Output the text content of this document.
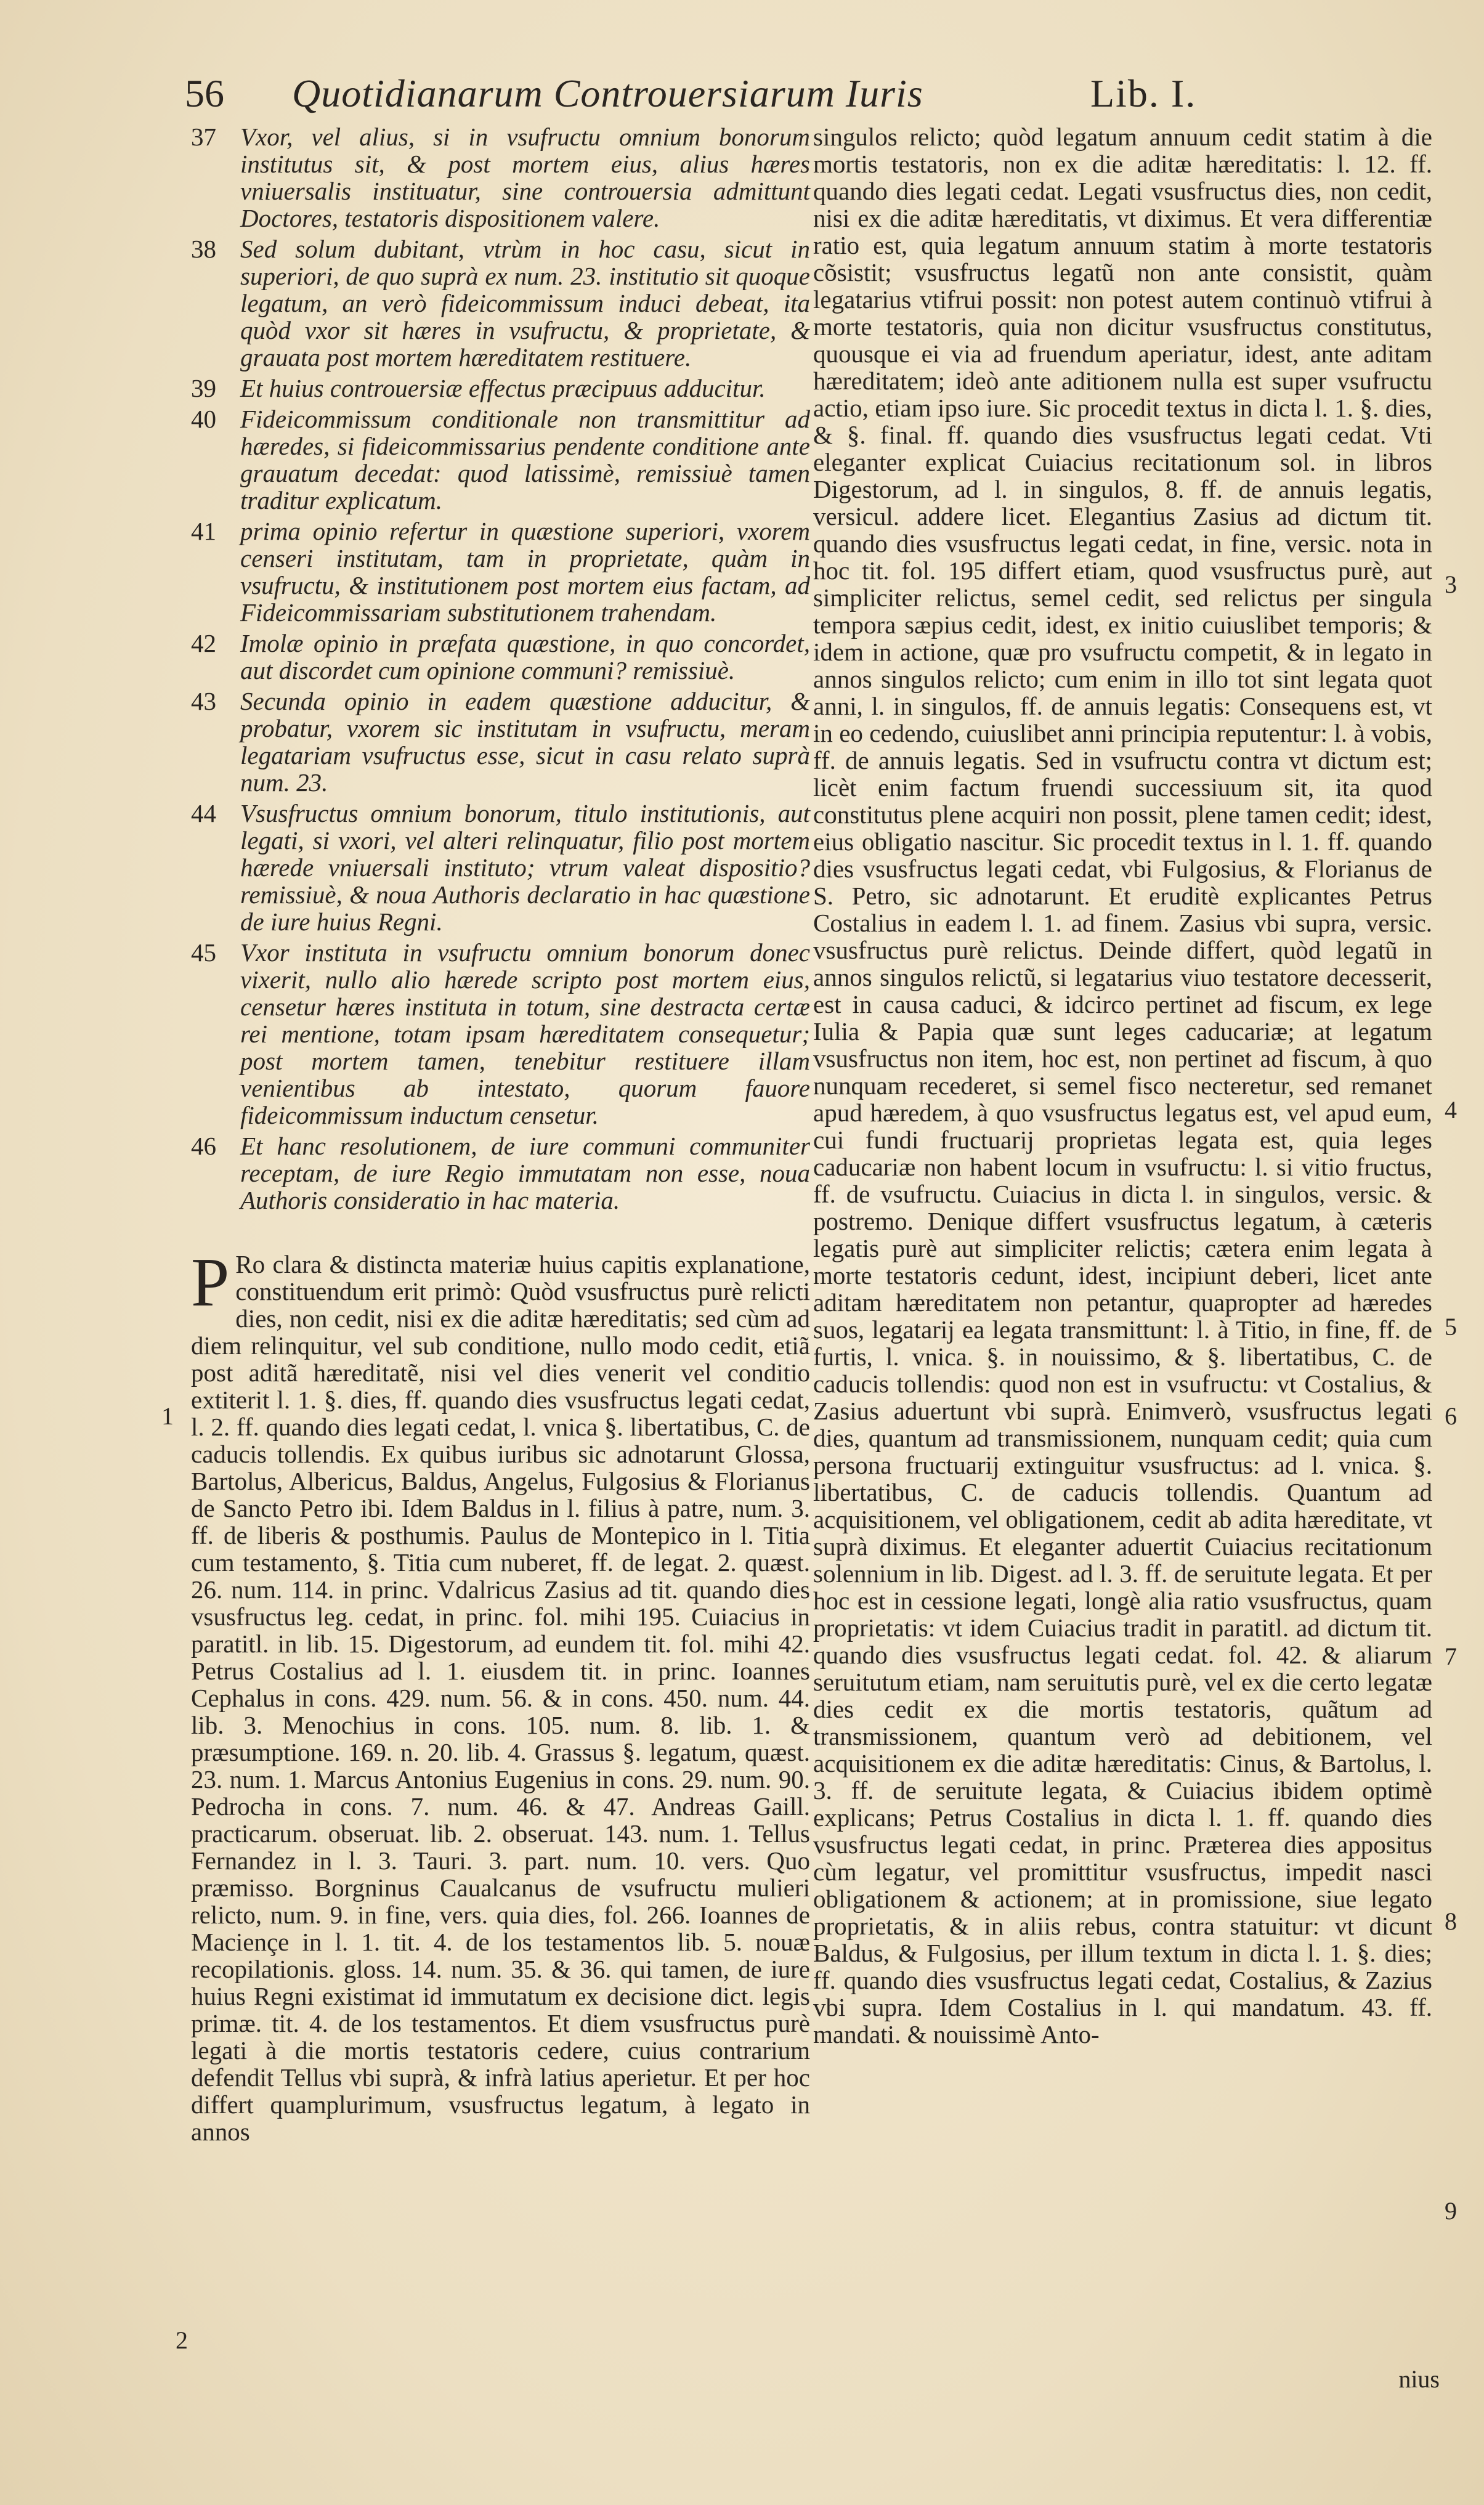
56 Quotidianarum Controuersiarum Iuris	Lib. I.
37 Vxor, vel alius, si in vsufructu omnium bonorum institutus sit, & post mortem eius, alius hæres vniuersalis instituatur, sine controuersia admittunt Doctores, testatoris dispositionem valere.
38 Sed solum dubitant, vtrùm in hoc casu, sicut in superiori, de quo suprà ex num. 23. institutio sit quoque legatum, an verò fideicommissum induci debeat, ita quòd vxor sit hæres in vsufructu, & proprietate, & grauata post mortem hæreditatem restituere.
39 Et huius controuersiæ effectus præcipuus adducitur.
40 Fideicommissum conditionale non transmittitur ad hæredes, si fideicommissarius pendente conditione ante grauatum decedat: quod latissimè, remissiuè tamen traditur explicatum.
41 prima opinio refertur in quæstione superiori, vxorem censeri institutam, tam in proprietate, quàm in vsufructu, & institutionem post mortem eius factam, ad Fideicommissariam substitutionem trahendam.
42 Imolæ opinio in præfata quæstione, in quo concordet, aut discordet cum opinione communi? remissiuè.
43 Secunda opinio in eadem quæstione adducitur, & probatur, vxorem sic institutam in vsufructu, meram legatariam vsufructus esse, sicut in casu relato suprà num. 23.
44 Vsusfructus omnium bonorum, titulo institutionis, aut legati, si vxori, vel alteri relinquatur, filio post mortem hærede vniuersali instituto; vtrum valeat dispositio? remissiuè, & noua Authoris declaratio in hac quæstione de iure huius Regni.
45 Vxor instituta in vsufructu omnium bonorum donec vixerit, nullo alio hærede scripto post mortem eius, censetur hæres instituta in totum, sine destracta certæ rei mentione, totam ipsam hæreditatem consequetur; post mortem tamen, tenebitur restituere illam venientibus ab intestato, quorum fauore fideicommissum inductum censetur.
46 Et hanc resolutionem, de iure communi communiter receptam, de iure Regio immutatam non esse, noua Authoris consideratio in hac materia.
P Ro clara & distincta materiæ huius capitis explanatione, constituendum erit primò: Quòd vsusfructus purè relicti dies, non cedit, nisi ex die aditæ hæreditatis; sed cùm ad diem relinquitur, vel sub conditione, nullo modo cedit, etiã post aditã hæreditatẽ, nisi vel dies venerit vel conditio extiterit l. 1. §. dies, ff. quando dies vsusfructus legati cedat, l. 2. ff. quando dies legati cedat, l. vnica §. libertatibus, C. de caducis tollendis. Ex quibus iuribus sic adnotarunt Glossa, Bartolus, Albericus, Baldus, Angelus, Fulgosius & Florianus de Sancto Petro ibi. Idem Baldus in l. filius à patre, num. 3. ff. de liberis & posthumis. Paulus de Montepico in l. Titia cum testamento, §. Titia cum nuberet, ff. de legat. 2. quæst. 26. num. 114. in princ. Vdalricus Zasius ad tit. quando dies vsusfructus leg. cedat, in princ. fol. mihi 195. Cuiacius in paratitl. in lib. 15. Digestorum, ad eundem tit. fol. mihi 42. Petrus Costalius ad l. 1. eiusdem tit. in princ. Ioannes Cephalus in cons. 429. num. 56. & in cons. 450. num. 44. lib. 3. Menochius in cons. 105. num. 8. lib. 1. & præsumptione. 169. n. 20. lib. 4. Grassus §. legatum, quæst. 23. num. 1. Marcus Antonius Eugenius in cons. 29. num. 90. Pedrocha in cons. 7. num. 46. & 47. Andreas Gaill. practicarum. obseruat. lib. 2. obseruat. 143. num. 1. Tellus Fernandez in l. 3. Tauri. 3. part. num. 10. vers. Quo præmisso. Borgninus Caualcanus de vsufructu mulieri relicto, num. 9. in fine, vers. quia dies, fol. 266. Ioannes de Maciençe in l. 1. tit. 4. de los testamentos lib. 5. nouæ recopilationis. gloss. 14. num. 35. & 36. qui tamen, de iure huius Regni existimat id immutatum ex decisione dict. legis primæ. tit. 4. de los testamentos. Et diem vsusfructus purè legati à die mortis testatoris cedere, cuius contrarium defendit Tellus vbi suprà, & infrà latius aperietur. Et per hoc differt quamplurimum, vsusfructus legatum, à legato in annos

singulos relicto; quòd legatum annuum cedit statim à die mortis testatoris, non ex die aditæ hæreditatis: l. 12. ff. quando dies legati cedat. Legati vsusfructus dies, non cedit, nisi ex die aditæ hæreditatis, vt diximus. Et vera differentiæ ratio est, quia legatum annuum statim à morte testatoris cõsistit; vsusfructus legatũ non ante consistit, quàm legatarius vtifrui possit: non potest autem continuò vtifrui à morte testatoris, quia non dicitur vsusfructus constitutus, quousque ei via ad fruendum aperiatur, idest, ante aditam hæreditatem; ideò ante aditionem nulla est super vsufructu actio, etiam ipso iure. Sic procedit textus in dicta l. 1. §. dies, & §. final. ff. quando dies vsusfructus legati cedat. Vti eleganter explicat Cuiacius recitationum sol. in libros Digestorum, ad l. in singulos, 8. ff. de annuis legatis, versicul. addere licet. Elegantius Zasius ad dictum tit. quando dies vsusfructus legati cedat, in fine, versic. nota in hoc tit. fol. 195 differt etiam, quod vsusfructus purè, aut simpliciter relictus, semel cedit, sed relictus per singula tempora sæpius cedit, idest, ex initio cuiuslibet temporis; & idem in actione, quæ pro vsufructu competit, & in legato in annos singulos relicto; cum enim in illo tot sint legata quot anni, l. in singulos, ff. de annuis legatis: Consequens est, vt in eo cedendo, cuiuslibet anni principia reputentur: l. à vobis, ff. de annuis legatis. Sed in vsufructu contra vt dictum est; licèt enim factum fruendi successiuum sit, ita quod constitutus plene acquiri non possit, plene tamen cedit; idest, eius obligatio nascitur. Sic procedit textus in l. 1. ff. quando dies vsusfructus legati cedat, vbi Fulgosius, & Florianus de S. Petro, sic adnotarunt. Et eruditè explicantes Petrus Costalius in eadem l. 1. ad finem. Zasius vbi supra, versic. vsusfructus purè relictus. Deinde differt, quòd legatũ in annos singulos relictũ, si legatarius viuo testatore decesserit, est in causa caduci, & idcirco pertinet ad fiscum, ex lege Iulia & Papia quæ sunt leges caducariæ; at legatum vsusfructus non item, hoc est, non pertinet ad fiscum, à quo nunquam recederet, si semel fisco necteretur, sed remanet apud hæredem, à quo vsusfructus legatus est, vel apud eum, cui fundi fructuarij proprietas legata est, quia leges caducariæ non habent locum in vsufructu: l. si vitio fructus, ff. de vsufructu. Cuiacius in dicta l. in singulos, versic. & postremo. Denique differt vsusfructus legatum, à cæteris legatis purè aut simpliciter relictis; cætera enim legata à morte testatoris cedunt, idest, incipiunt deberi, licet ante aditam hæreditatem non petantur, quapropter ad hæredes suos, legatarij ea legata transmittunt: l. à Titio, in fine, ff. de furtis, l. vnica. §. in nouissimo, & §. libertatibus, C. de caducis tollendis: quod non est in vsufructu: vt Costalius, & Zasius aduertunt vbi suprà. Enimverò, vsusfructus legati dies, quantum ad transmissionem, nunquam cedit; quia cum persona fructuarij extinguitur vsusfructus: ad l. vnica. §. libertatibus, C. de caducis tollendis. Quantum ad acquisitionem, vel obligationem, cedit ab adita hæreditate, vt suprà diximus. Et eleganter aduertit Cuiacius recitationum solennium in lib. Digest. ad l. 3. ff. de seruitute legata. Et per hoc est in cessione legati, longè alia ratio vsusfructus, quam proprietatis: vt idem Cuiacius tradit in paratitl. ad dictum tit. quando dies vsusfructus legati cedat. fol. 42. & aliarum seruitutum etiam, nam seruitutis purè, vel ex die certo legatæ dies cedit ex die mortis testatoris, quãtum ad transmissionem, quantum verò ad debitionem, vel acquisitionem ex die aditæ hæreditatis: Cinus, & Bartolus, l. 3. ff. de seruitute legata, & Cuiacius ibidem optimè explicans; Petrus Costalius in dicta l. 1. ff. quando dies vsusfructus legati cedat, in princ. Præterea dies appositus cùm legatur, vel promittitur vsusfructus, impedit nasci obligationem & actionem; at in promissione, siue legato proprietatis, & in aliis rebus, contra statuitur: vt dicunt Baldus, & Fulgosius, per illum textum in dicta l. 1. §. dies; ff. quando dies vsusfructus legati cedat, Costalius, & Zazius vbi supra. Idem Costalius in l. qui mandatum. 43. ff. mandati. & nouissimè Anto-

1
2
3
4
5
6
7
8
9
nius
